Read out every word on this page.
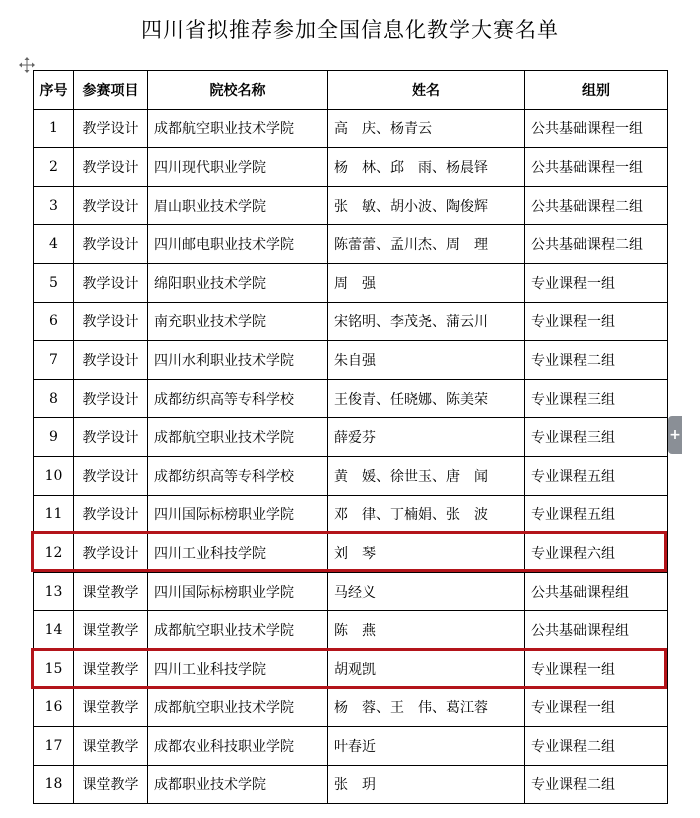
四川省拟推荐参加全国信息化教学大赛名单
序号	参赛项目	院校名称	姓名	组别
1	教学设计	成都航空职业技术学院	高　庆、杨青云	公共基础课程一组
2	教学设计	四川现代职业学院	杨　林、邱　雨、杨晨铎	公共基础课程一组
3	教学设计	眉山职业技术学院	张　敏、胡小波、陶俊辉	公共基础课程二组
4	教学设计	四川邮电职业技术学院	陈蕾蕾、孟川杰、周　理	公共基础课程二组
5	教学设计	绵阳职业技术学院	周　强	专业课程一组
6	教学设计	南充职业技术学院	宋铭明、李茂尧、蒲云川	专业课程一组
7	教学设计	四川水利职业技术学院	朱自强	专业课程二组
8	教学设计	成都纺织高等专科学校	王俊青、任晓娜、陈美荣	专业课程三组
9	教学设计	成都航空职业技术学院	薛爱芬	专业课程三组
10	教学设计	成都纺织高等专科学校	黄　媛、徐世玉、唐　闻	专业课程五组
11	教学设计	四川国际标榜职业学院	邓　律、丁楠娟、张　波	专业课程五组
12	教学设计	四川工业科技学院	刘　琴	专业课程六组
13	课堂教学	四川国际标榜职业学院	马经义	公共基础课程组
14	课堂教学	成都航空职业技术学院	陈　燕	公共基础课程组
15	课堂教学	四川工业科技学院	胡观凯	专业课程一组
16	课堂教学	成都航空职业技术学院	杨　蓉、王　伟、葛江蓉	专业课程一组
17	课堂教学	成都农业科技职业学院	叶春近	专业课程二组
18	课堂教学	成都职业技术学院	张　玥	专业课程二组
+
